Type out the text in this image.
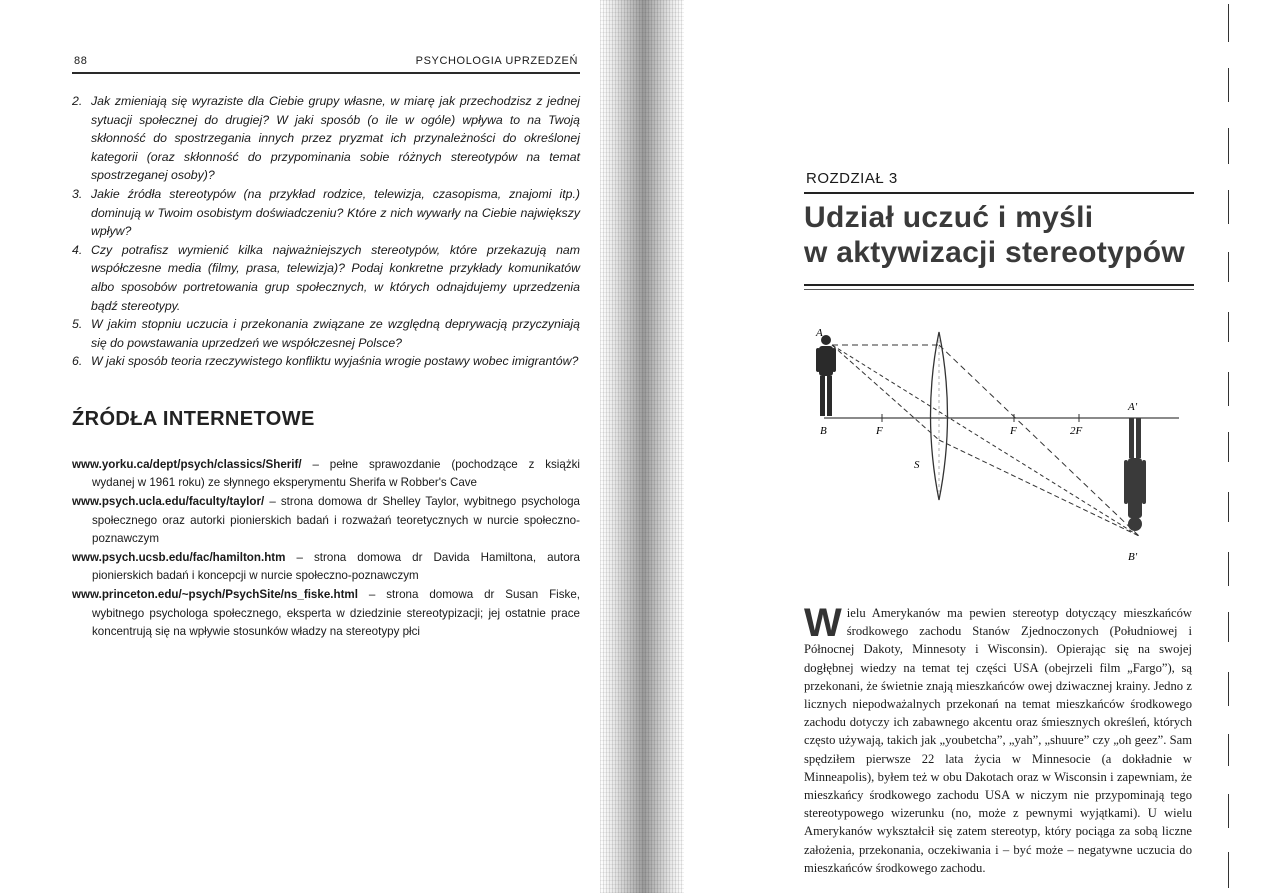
88	PSYCHOLOGIA UPRZEDZEŃ
2. Jak zmieniają się wyraziste dla Ciebie grupy własne, w miarę jak przechodzisz z jednej sytuacji społecznej do drugiej? W jaki sposób (o ile w ogóle) wpływa to na Twoją skłonność do spostrzegania innych przez pryzmat ich przynależności do określonej kategorii (oraz skłonność do przypominania sobie różnych stereotypów na temat spostrzeganej osoby)?
3. Jakie źródła stereotypów (na przykład rodzice, telewizja, czasopisma, znajomi itp.) dominują w Twoim osobistym doświadczeniu? Które z nich wywarły na Ciebie największy wpływ?
4. Czy potrafisz wymienić kilka najważniejszych stereotypów, które przekazują nam współczesne media (filmy, prasa, telewizja)? Podaj konkretne przykłady komunikatów albo sposobów portretowania grup społecznych, w których odnajdujemy uprzedzenia bądź stereotypy.
5. W jakim stopniu uczucia i przekonania związane ze względną deprywacją przyczyniają się do powstawania uprzedzeń we współczesnej Polsce?
6. W jaki sposób teoria rzeczywistego konfliktu wyjaśnia wrogie postawy wobec imigrantów?
ŹRÓDŁA INTERNETOWE
www.yorku.ca/dept/psych/classics/Sherif/ – pełne sprawozdanie (pochodzące z książki wydanej w 1961 roku) ze słynnego eksperymentu Sherifa w Robber's Cave
www.psych.ucla.edu/faculty/taylor/ – strona domowa dr Shelley Taylor, wybitnego psychologa społecznego oraz autorki pionierskich badań i rozważań teoretycznych w nurcie społeczno-poznawczym
www.psych.ucsb.edu/fac/hamilton.htm – strona domowa dr Davida Hamiltona, autora pionierskich badań i koncepcji w nurcie społeczno-poznawczym
www.princeton.edu/~psych/PsychSite/ns_fiske.html – strona domowa dr Susan Fiske, wybitnego psychologa społecznego, eksperta w dziedzinie stereotypizacji; jej ostatnie prace koncentrują się na wpływie stosunków władzy na stereotypy płci
ROZDZIAŁ 3
Udział uczuć i myśli
w aktywizacji stereotypów
A
B	F	F	2F
S
A'
B'

Wielu Amerykanów ma pewien stereotyp dotyczący mieszkańców środkowego zachodu Stanów Zjednoczonych (Południowej i Północnej Dakoty, Minnesoty i Wisconsin). Opierając się na swojej dogłębnej wiedzy na temat tej części USA (obejrzeli film „Fargo”), są przekonani, że świetnie znają mieszkańców owej dziwacznej krainy. Jedno z licznych niepodważalnych przekonań na temat mieszkańców środkowego zachodu dotyczy ich zabawnego akcentu oraz śmiesznych określeń, których często używają, takich jak „youbetcha”, „yah”, „shuure” czy „oh geez”. Sam spędziłem pierwsze 22 lata życia w Minnesocie (a dokładnie w Minneapolis), byłem też w obu Dakotach oraz w Wisconsin i zapewniam, że mieszkańcy środkowego zachodu USA w niczym nie przypominają tego stereotypowego wizerunku (no, może z pewnymi wyjątkami). U wielu Amerykanów wykształcił się zatem stereotyp, który pociąga za sobą liczne założenia, przekonania, oczekiwania i – być może – negatywne uczucia do mieszkańców środkowego zachodu.
